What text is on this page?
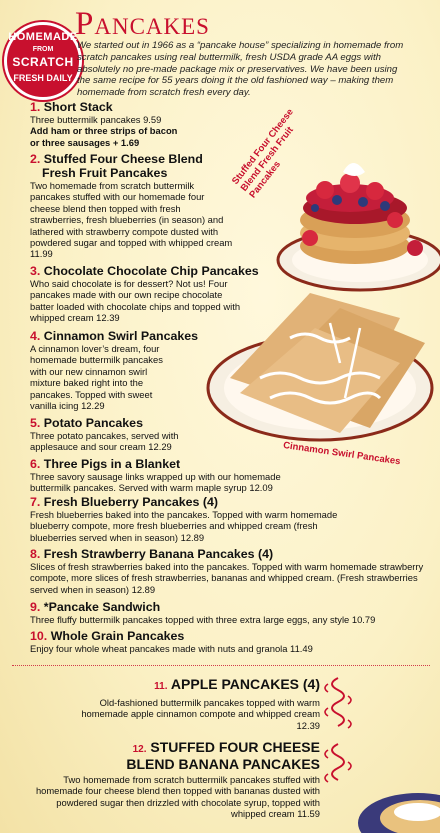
HOMEMADE
FROM
SCRATCH
FRESH DAILY
Pancakes
We started out in 1966 as a “pancake house” specializing in homemade from scratch pancakes using real buttermilk, fresh USDA grade AA eggs with absolutely no pre-made package mix or preservatives. We have been using the same recipe for 55 years doing it the old fashioned way – making them homemade from scratch fresh every day.
Stuffed Four Cheese Blend Fresh Fruit Pancakes
Cinnamon Swirl Pancakes
1. Short Stack
Three buttermilk pancakes 9.59
Add ham or three strips of bacon
or three sausages + 1.69
2. Stuffed Four Cheese Blend
Fresh Fruit Pancakes
Two homemade from scratch buttermilk pancakes stuffed with our homemade four cheese blend then topped with fresh strawberries, fresh blueberries (in season) and lathered with strawberry compote dusted with powdered sugar and topped with whipped cream 11.99
3. Chocolate Chocolate Chip Pancakes
Who said chocolate is for dessert? Not us! Four pancakes made with our own recipe chocolate batter loaded with chocolate chips and topped with whipped cream 12.39
4. Cinnamon Swirl Pancakes
A cinnamon lover’s dream, four homemade buttermilk pancakes with our new cinnamon swirl mixture baked right into the pancakes. Topped with sweet vanilla icing 12.29
5. Potato Pancakes
Three potato pancakes, served with applesauce and sour cream 12.29
6. Three Pigs in a Blanket
Three savory sausage links wrapped up with our homemade buttermilk pancakes. Served with warm maple syrup 12.09
7. Fresh Blueberry Pancakes (4)
Fresh blueberries baked into the pancakes. Topped with warm homemade blueberry compote, more fresh blueberries and whipped cream (fresh blueberries served when in season) 12.89
8. Fresh Strawberry Banana Pancakes (4)
Slices of fresh strawberries baked into the pancakes. Topped with warm homemade strawberry compote, more slices of fresh strawberries, bananas and whipped cream. (Fresh strawberries served when in season) 12.89
9. *Pancake Sandwich
Three fluffy buttermilk pancakes topped with three extra large eggs, any style 10.79
10. Whole Grain Pancakes
Enjoy four whole wheat pancakes made with nuts and granola 11.49
11. APPLE PANCAKES (4)
Old-fashioned buttermilk pancakes topped with warm homemade apple cinnamon compote and whipped cream 12.39
12. STUFFED FOUR CHEESE
BLEND BANANA PANCAKES
Two homemade from scratch buttermilk pancakes stuffed with homemade four cheese blend then topped with bananas dusted with powdered sugar then drizzled with chocolate syrup, topped with whipped cream 11.59
